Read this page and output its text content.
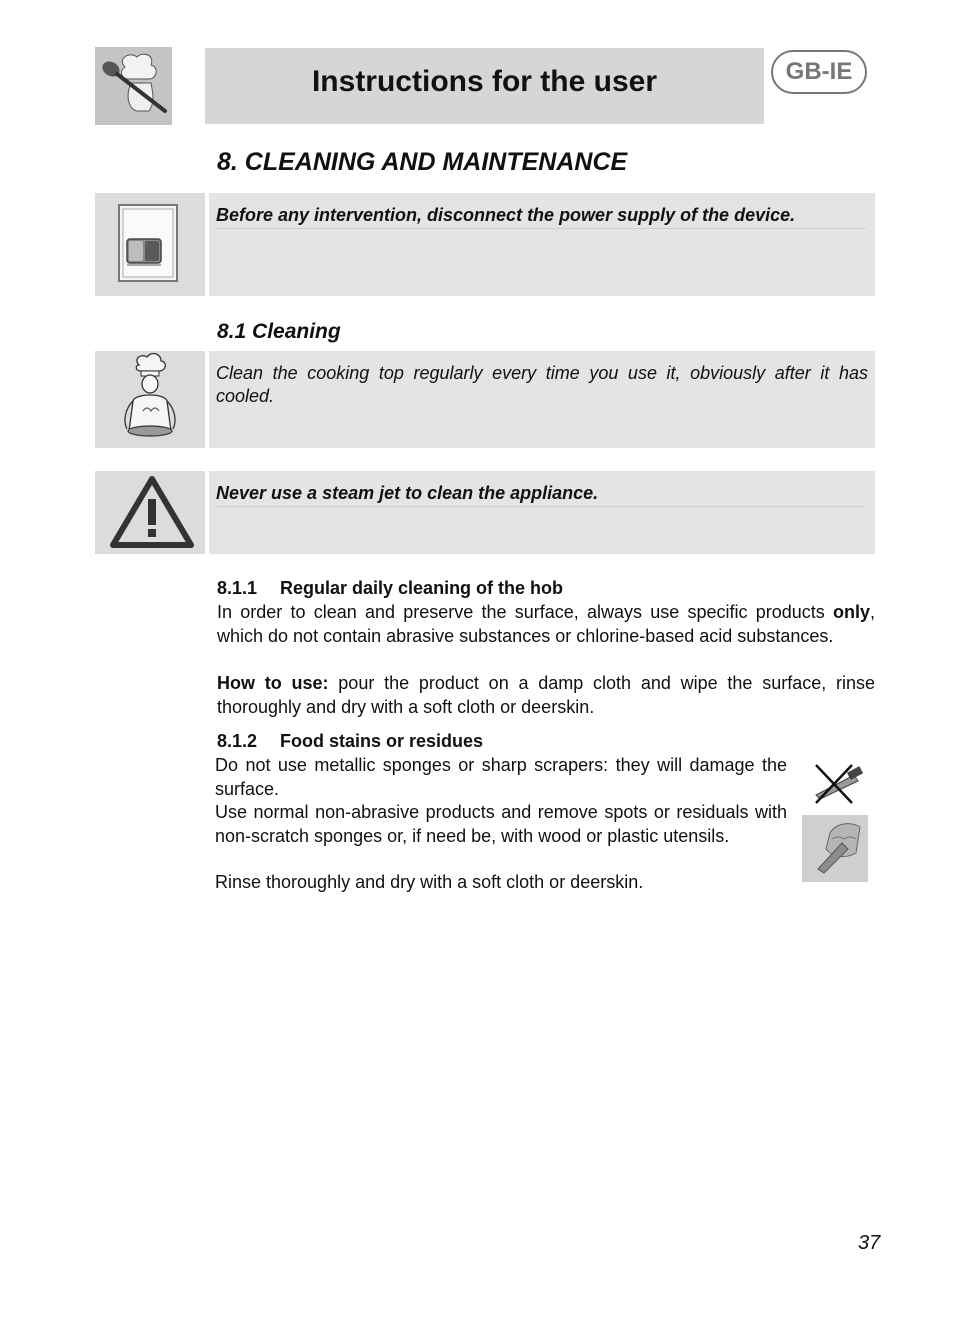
Instructions for the user	GB-IE
8. CLEANING AND MAINTENANCE
Before any intervention, disconnect the power supply of the device.
8.1 Cleaning
Clean the cooking top regularly every time you use it, obviously after it has cooled.
Never use a steam jet to clean the appliance.
8.1.1 Regular daily cleaning of the hob
In order to clean and preserve the surface, always use specific products only, which do not contain abrasive substances or chlorine-based acid substances.
How to use: pour the product on a damp cloth and wipe the surface, rinse thoroughly and dry with a soft cloth or deerskin.
8.1.2 Food stains or residues
Do not use metallic sponges or sharp scrapers: they will damage the surface.
Use normal non-abrasive products and remove spots or residuals with non-scratch sponges or, if need be, with wood or plastic utensils.
Rinse thoroughly and dry with a soft cloth or deerskin.
37
